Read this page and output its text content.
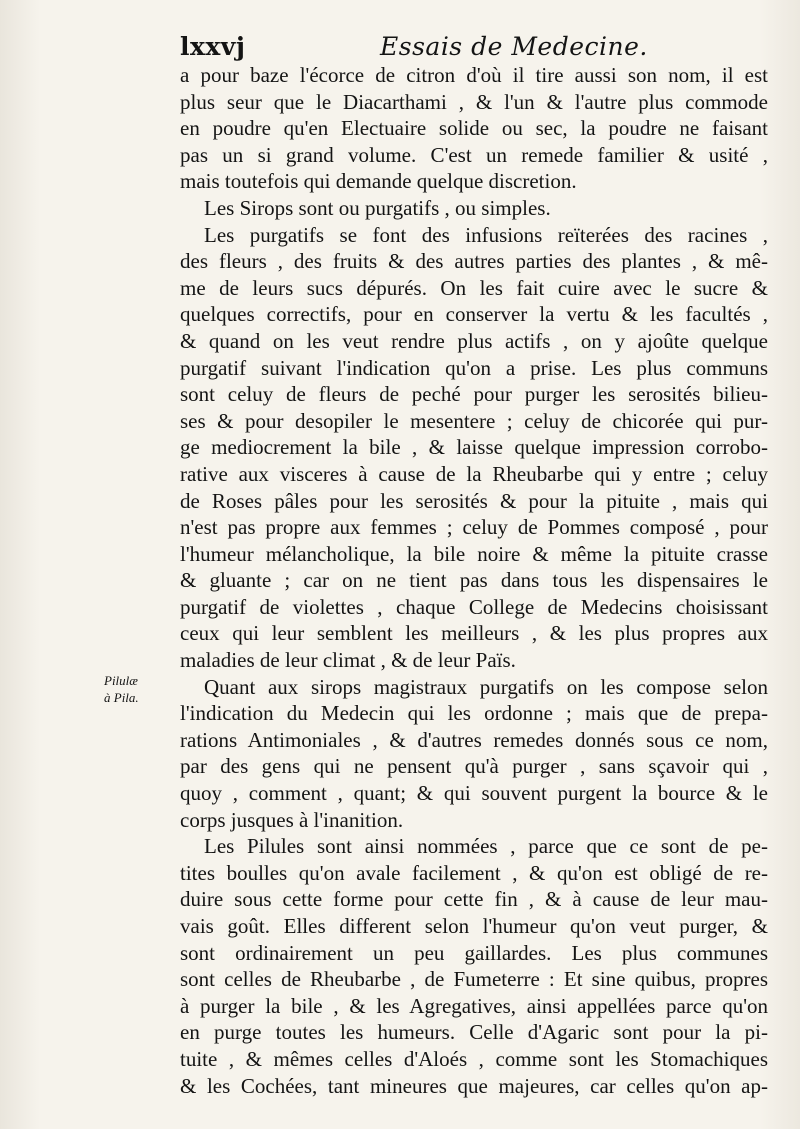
lxxvj	Essais de Medecine.
Pilulæ
à Pila.
a pour baze l'écorce de citron d'où il tire aussi son nom, il est
plus seur que le Diacarthami , & l'un & l'autre plus commode
en poudre qu'en Electuaire solide ou sec, la poudre ne faisant
pas un si grand volume. C'est un remede familier & usité ,
mais toutefois qui demande quelque discretion.
Les Sirops sont ou purgatifs , ou simples.
Les purgatifs se font des infusions reïterées des racines ,
des fleurs , des fruits & des autres parties des plantes , & mê-
me de leurs sucs dépurés. On les fait cuire avec le sucre &
quelques correctifs, pour en conserver la vertu & les facultés ,
& quand on les veut rendre plus actifs , on y ajoûte quelque
purgatif suivant l'indication qu'on a prise. Les plus communs
sont celuy de fleurs de peché pour purger les serosités bilieu-
ses & pour desopiler le mesentere ; celuy de chicorée qui pur-
ge mediocrement la bile , & laisse quelque impression corrobo-
rative aux visceres à cause de la Rheubarbe qui y entre ; celuy
de Roses pâles pour les serosités & pour la pituite , mais qui
n'est pas propre aux femmes ; celuy de Pommes composé , pour
l'humeur mélancholique, la bile noire & même la pituite crasse
& gluante ; car on ne tient pas dans tous les dispensaires le
purgatif de violettes , chaque College de Medecins choisissant
ceux qui leur semblent les meilleurs , & les plus propres aux
maladies de leur climat , & de leur Païs.
Quant aux sirops magistraux purgatifs on les compose selon
l'indication du Medecin qui les ordonne ; mais que de prepa-
rations Antimoniales , & d'autres remedes donnés sous ce nom,
par des gens qui ne pensent qu'à purger , sans sçavoir qui ,
quoy , comment , quant; & qui souvent purgent la bource & le
corps jusques à l'inanition.
Les Pilules sont ainsi nommées , parce que ce sont de pe-
tites boulles qu'on avale facilement , & qu'on est obligé de re-
duire sous cette forme pour cette fin , & à cause de leur mau-
vais goût. Elles different selon l'humeur qu'on veut purger, &
sont ordinairement un peu gaillardes. Les plus communes
sont celles de Rheubarbe , de Fumeterre : Et sine quibus, propres
à purger la bile , & les Agregatives, ainsi appellées parce qu'on
en purge toutes les humeurs. Celle d'Agaric sont pour la pi-
tuite , & mêmes celles d'Aloés , comme sont les Stomachiques
& les Cochées, tant mineures que majeures, car celles qu'on ap-
